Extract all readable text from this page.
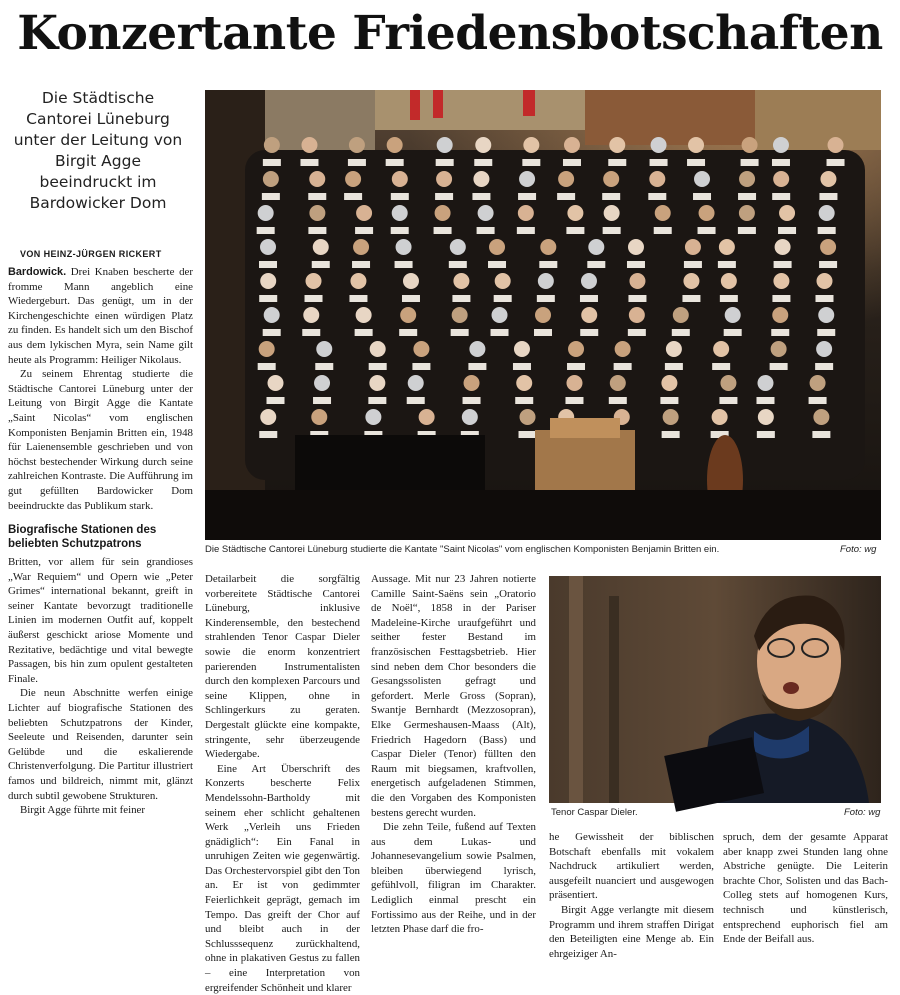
Konzertante Friedensbotschaften
Die Städtische Cantorei Lüneburg unter der Leitung von Birgit Agge beeindruckt im Bardowicker Dom
VON HEINZ-JÜRGEN RICKERT

Bardowick. Drei Knaben bescherte der fromme Mann angeblich eine Wiedergeburt. Das genügt, um in der Kirchengeschichte einen würdigen Platz zu finden. Es handelt sich um den Bischof aus dem lykischen Myra, sein Name gilt heute als Programm: Heiliger Nikolaus.

Zu seinem Ehrentag studierte die Städtische Cantorei Lüneburg unter der Leitung von Birgit Agge die Kantate „Saint Nicolas“ vom englischen Komponisten Benjamin Britten ein, 1948 für Laienensemble geschrieben und von höchst bestechender Wirkung durch seine zahlreichen Kontraste. Die Aufführung im gut gefüllten Bardowicker Dom beeindruckte das Publikum stark.

Biografische Stationen des beliebten Schutzpatrons

Britten, vor allem für sein grandioses „War Requiem“ und Opern wie „Peter Grimes“ international bekannt, greift in seiner Kantate bevorzugt traditionelle Linien im modernen Outfit auf, koppelt äußerst geschickt ariose Momente und Rezitative, bedächtige und vital bewegte Passagen, bis hin zum opulent gestalteten Finale.

Die neun Abschnitte werfen einige Lichter auf biografische Stationen des beliebten Schutzpatrons der Kinder, Seeleute und Reisenden, darunter sein Gelübde und die eskalierende Christenverfolgung. Die Partitur illustriert famos und bildreich, nimmt mit, glänzt durch subtil gewobene Strukturen.

Birgit Agge führte mit feiner

Die Städtische Cantorei Lüneburg studierte die Kantate "Saint Nicolas" vom englischen Komponisten Benjamin Britten ein.	Foto: wg

Detailarbeit die sorgfältig vorbereitete Städtische Cantorei Lüneburg, inklusive Kinderensemble, den bestechend strahlenden Tenor Caspar Dieler sowie die enorm konzentriert parierenden Instrumentalisten durch den komplexen Parcours und seine Klippen, ohne in Schlingerkurs zu geraten. Dergestalt glückte eine kompakte, stringente, sehr überzeugende Wiedergabe.

Eine Art Überschrift des Konzerts bescherte Felix Mendelssohn-Bartholdy mit seinem eher schlicht gehaltenen Werk „Verleih uns Frieden gnädiglich“: Ein Fanal in unruhigen Zeiten wie gegenwärtig. Das Orchestervorspiel gibt den Ton an. Er ist von gedimmter Feierlichkeit geprägt, gemach im Tempo. Das greift der Chor auf und bleibt auch in der Schlusssequenz zurückhaltend, ohne in plakativen Gestus zu fallen – eine Interpretation von ergreifender Schönheit und klarer

Aussage. Mit nur 23 Jahren notierte Camille Saint-Saëns sein „Oratorio de Noël“, 1858 in der Pariser Madeleine-Kirche uraufgeführt und seither fester Bestand im französischen Festtagsbetrieb. Hier sind neben dem Chor besonders die Gesangssolisten gefragt und gefordert. Merle Gross (Sopran), Swantje Bernhardt (Mezzosopran), Elke Germeshausen-Maass (Alt), Friedrich Hagedorn (Bass) und Caspar Dieler (Tenor) füllten den Raum mit biegsamen, kraftvollen, energetisch aufgeladenen Stimmen, die den Vorgaben des Komponisten bestens gerecht wurden.

Die zehn Teile, fußend auf Texten aus dem Lukas- und Johannesevangelium sowie Psalmen, bleiben überwiegend lyrisch, gefühlvoll, filigran im Charakter. Lediglich einmal prescht ein Fortissimo aus der Reihe, und in der letzten Phase darf die fro-

Tenor Caspar Dieler.	Foto: wg

he Gewissheit der biblischen Botschaft ebenfalls mit vokalem Nachdruck artikuliert werden, ausgefeilt nuanciert und ausgewogen präsentiert.

Birgit Agge verlangte mit diesem Programm und ihrem straffen Dirigat den Beteiligten eine Menge ab. Ein ehrgeiziger An-

spruch, dem der gesamte Apparat aber knapp zwei Stunden lang ohne Abstriche genügte. Die Leiterin brachte Chor, Solisten und das Bach-Colleg stets auf homogenen Kurs, technisch und künstlerisch, entsprechend euphorisch fiel am Ende der Beifall aus.
